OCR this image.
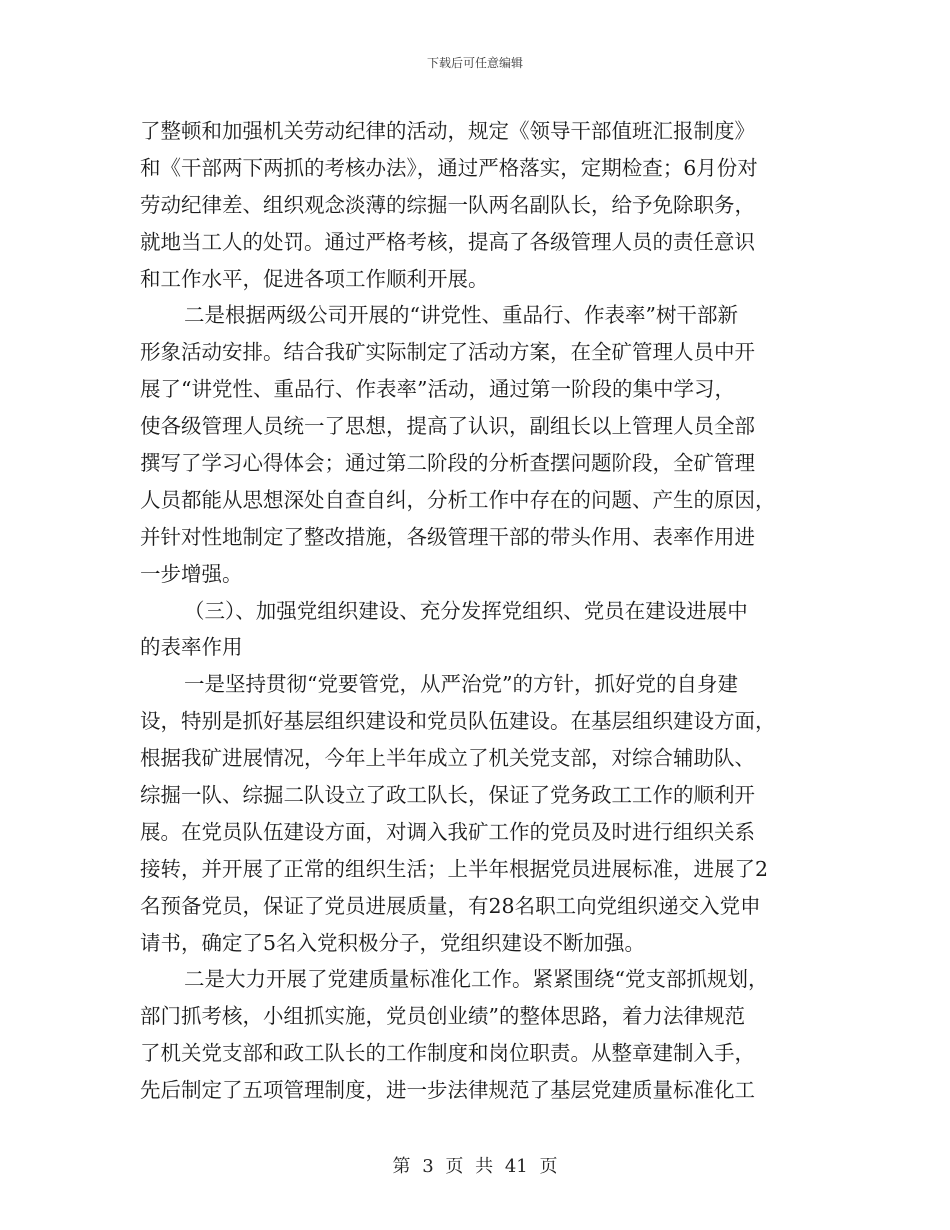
下载后可任意编辑
了整顿和加强机关劳动纪律的活动，规定《领导干部值班汇报制度》
和《干部两下两抓的考核办法》，通过严格落实，定期检查；6月份对
劳动纪律差、组织观念淡薄的综掘一队两名副队长，给予免除职务，
就地当工人的处罚。通过严格考核，提高了各级管理人员的责任意识
和工作水平，促进各项工作顺利开展。
二是根据两级公司开展的“讲党性、重品行、作表率”树干部新
形象活动安排。结合我矿实际制定了活动方案，在全矿管理人员中开
展了“讲党性、重品行、作表率”活动，通过第一阶段的集中学习，
使各级管理人员统一了思想，提高了认识，副组长以上管理人员全部
撰写了学习心得体会；通过第二阶段的分析查摆问题阶段，全矿管理
人员都能从思想深处自查自纠，分析工作中存在的问题、产生的原因，
并针对性地制定了整改措施，各级管理干部的带头作用、表率作用进
一步增强。
（三）、加强党组织建设、充分发挥党组织、党员在建设进展中
的表率作用
一是坚持贯彻“党要管党，从严治党”的方针，抓好党的自身建
设，特别是抓好基层组织建设和党员队伍建设。在基层组织建设方面，
根据我矿进展情况，今年上半年成立了机关党支部，对综合辅助队、
综掘一队、综掘二队设立了政工队长，保证了党务政工工作的顺利开
展。在党员队伍建设方面，对调入我矿工作的党员及时进行组织关系
接转，并开展了正常的组织生活；上半年根据党员进展标准，进展了2
名预备党员，保证了党员进展质量，有28名职工向党组织递交入党申
请书，确定了5名入党积极分子，党组织建设不断加强。
二是大力开展了党建质量标准化工作。紧紧围绕“党支部抓规划，
部门抓考核，小组抓实施，党员创业绩”的整体思路，着力法律规范
了机关党支部和政工队长的工作制度和岗位职责。从整章建制入手，
先后制定了五项管理制度，进一步法律规范了基层党建质量标准化工
第 3 页 共 41 页
